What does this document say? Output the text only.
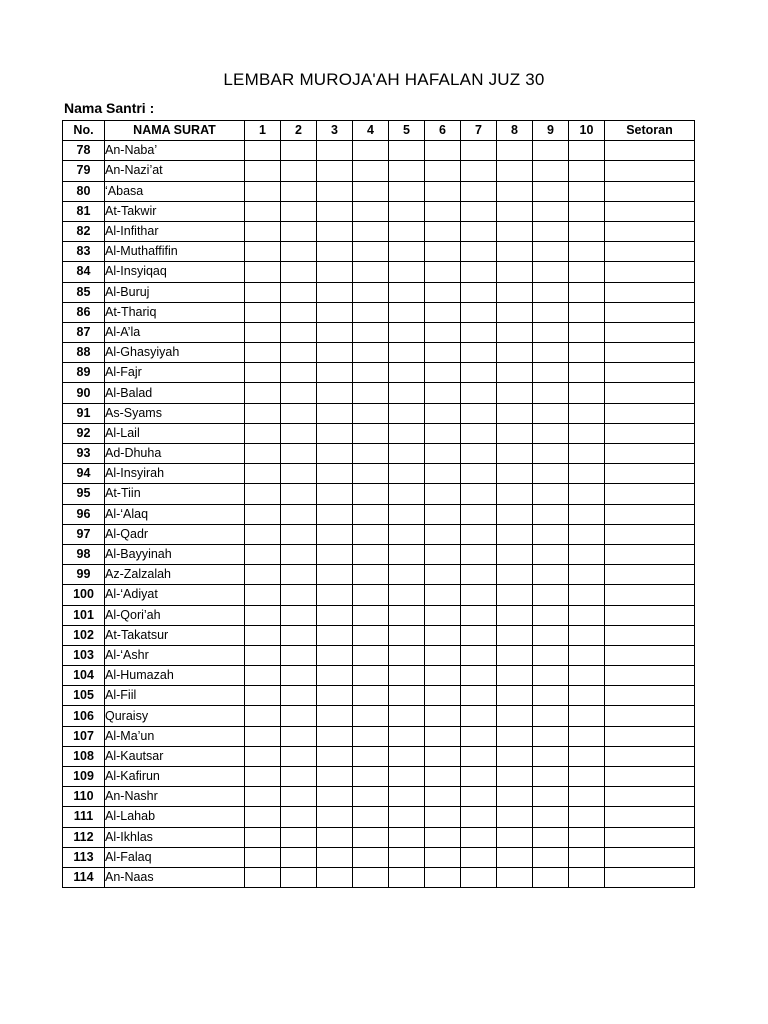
LEMBAR MUROJA'AH HAFALAN JUZ 30
Nama Santri :
No.	NAMA SURAT	1	2	3	4	5	6	7	8	9	10	Setoran
78	An-Naba’											
79	An-Nazi’at											
80	‘Abasa											
81	At-Takwir											
82	Al-Infithar											
83	Al-Muthaffifin											
84	Al-Insyiqaq											
85	Al-Buruj											
86	At-Thariq											
87	Al-A’la											
88	Al-Ghasyiyah											
89	Al-Fajr											
90	Al-Balad											
91	As-Syams											
92	Al-Lail											
93	Ad-Dhuha											
94	Al-Insyirah											
95	At-Tiin											
96	Al-‘Alaq											
97	Al-Qadr											
98	Al-Bayyinah											
99	Az-Zalzalah											
100	Al-‘Adiyat											
101	Al-Qori’ah											
102	At-Takatsur											
103	Al-‘Ashr											
104	Al-Humazah											
105	Al-Fiil											
106	Quraisy											
107	Al-Ma’un											
108	Al-Kautsar											
109	Al-Kafirun											
110	An-Nashr											
111	Al-Lahab											
112	Al-Ikhlas											
113	Al-Falaq											
114	An-Naas											
